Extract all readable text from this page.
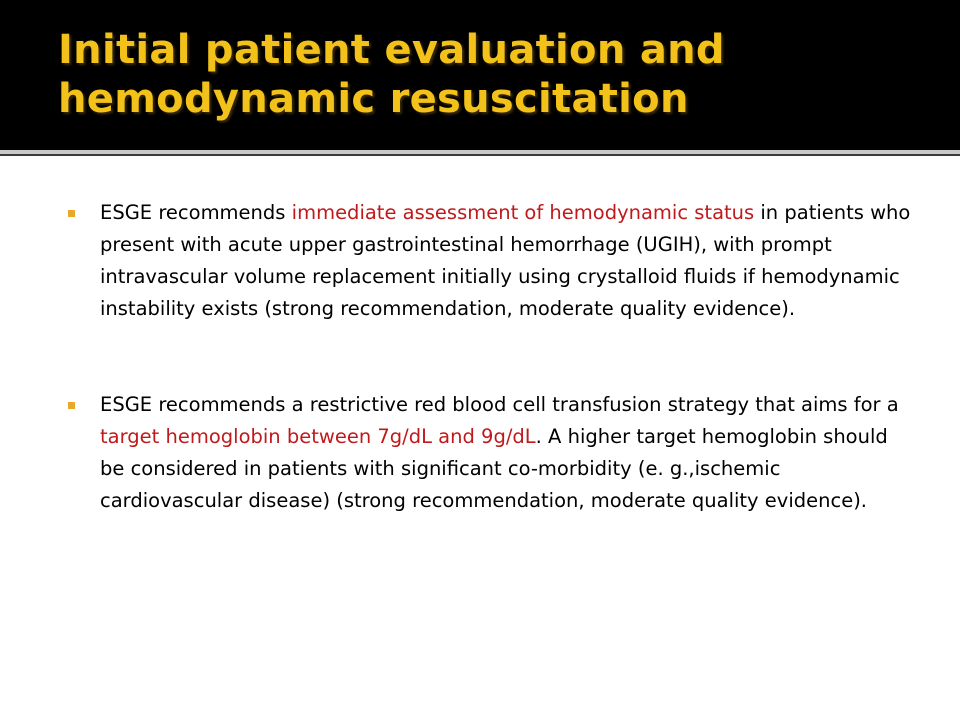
Initial patient evaluation and
hemodynamic resuscitation
ESGE recommends immediate assessment of hemodynamic status in patients who present with acute upper gastrointestinal hemorrhage (UGIH), with prompt intravascular volume replacement initially using crystalloid fluids if hemodynamic instability exists (strong recommendation, moderate quality evidence).
ESGE recommends a restrictive red blood cell transfusion strategy that aims for a target hemoglobin between 7g/dL and 9g/dL. A higher target hemoglobin should be considered in patients with significant co-morbidity (e. g.,ischemic cardiovascular disease) (strong recommendation, moderate quality evidence).
